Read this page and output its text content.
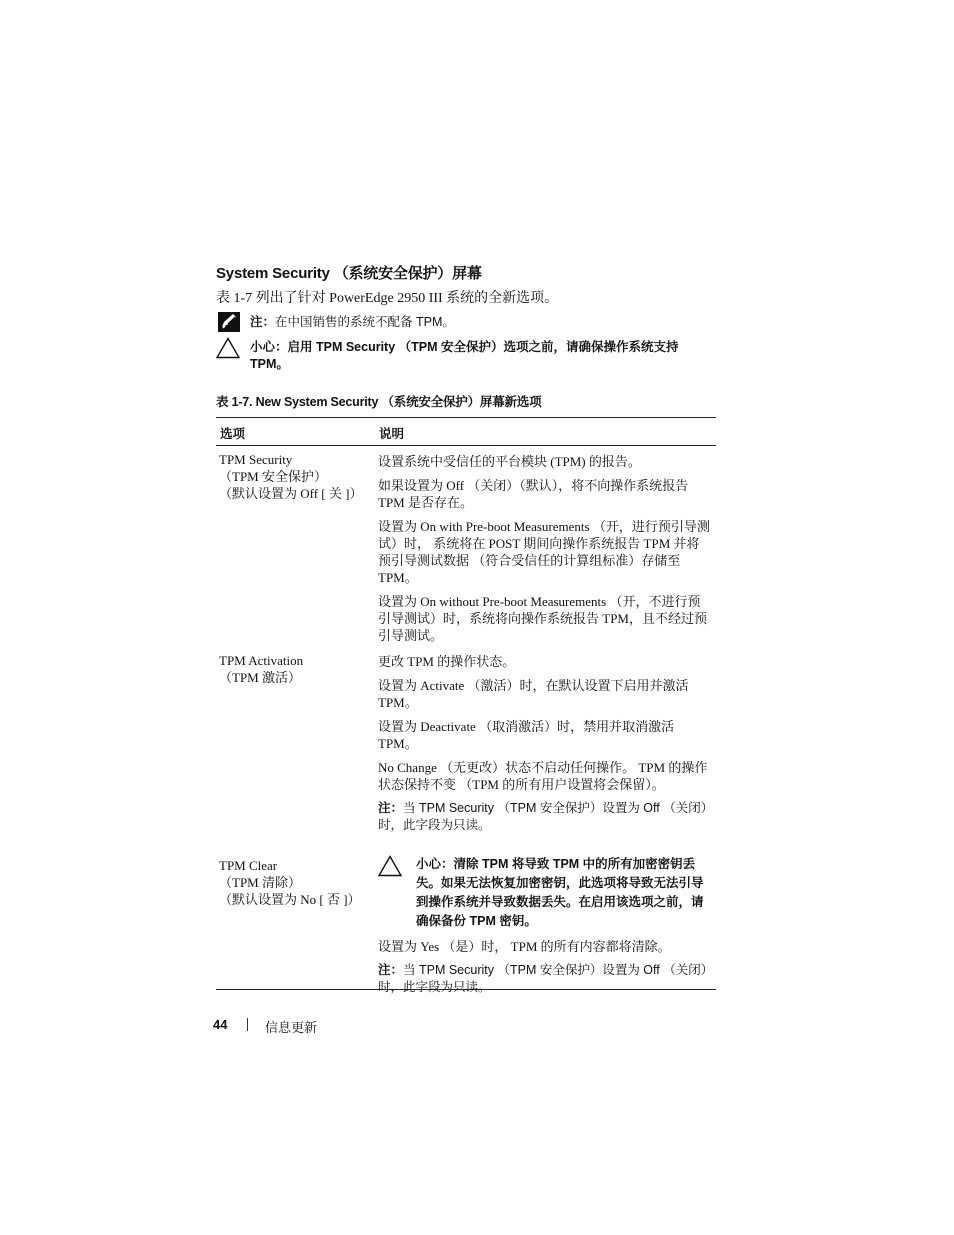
System Security （系统安全保护）屏幕
表 1-7 列出了针对 PowerEdge 2950 III 系统的全新选项。
注：在中国销售的系统不配备 TPM。
小心：启用 TPM Security （TPM 安全保护）选项之前，请确保操作系统支持 TPM。
表 1-7. New System Security （系统安全保护）屏幕新选项
选项	说明
TPM Security
（TPM 安全保护）
（默认设置为 Off [ 关 ]）

设置系统中受信任的平台模块 (TPM) 的报告。

如果设置为 Off （关闭）（默认），将不向操作系统报告 TPM 是否存在。

设置为 On with Pre-boot Measurements （开，进行预引导测试）时， 系统将在 POST 期间向操作系统报告 TPM 并将预引导测试数据 （符合受信任的计算组标准）存储至 TPM。

设置为 On without Pre-boot Measurements （开，不进行预引导测试）时，系统将向操作系统报告 TPM，且不经过预引导测试。

TPM Activation
（TPM 激活）

更改 TPM 的操作状态。

设置为 Activate （激活）时，在默认设置下启用并激活 TPM。

设置为 Deactivate （取消激活）时，禁用并取消激活 TPM。

No Change （无更改）状态不启动任何操作。 TPM 的操作状态保持不变 （TPM 的所有用户设置将会保留）。

注：当 TPM Security （TPM 安全保护）设置为 Off （关闭）时，此字段为只读。
TPM Clear
（TPM 清除）
（默认设置为 No [ 否 ]）
小心：清除 TPM 将导致 TPM 中的所有加密密钥丢失。如果无法恢复加密密钥，此选项将导致无法引导到操作系统并导致数据丢失。在启用该选项之前，请确保备份 TPM 密钥。

设置为 Yes （是）时， TPM 的所有内容都将清除。

注：当 TPM Security （TPM 安全保护）设置为 Off （关闭）时，此字段为只读。
44	信息更新
